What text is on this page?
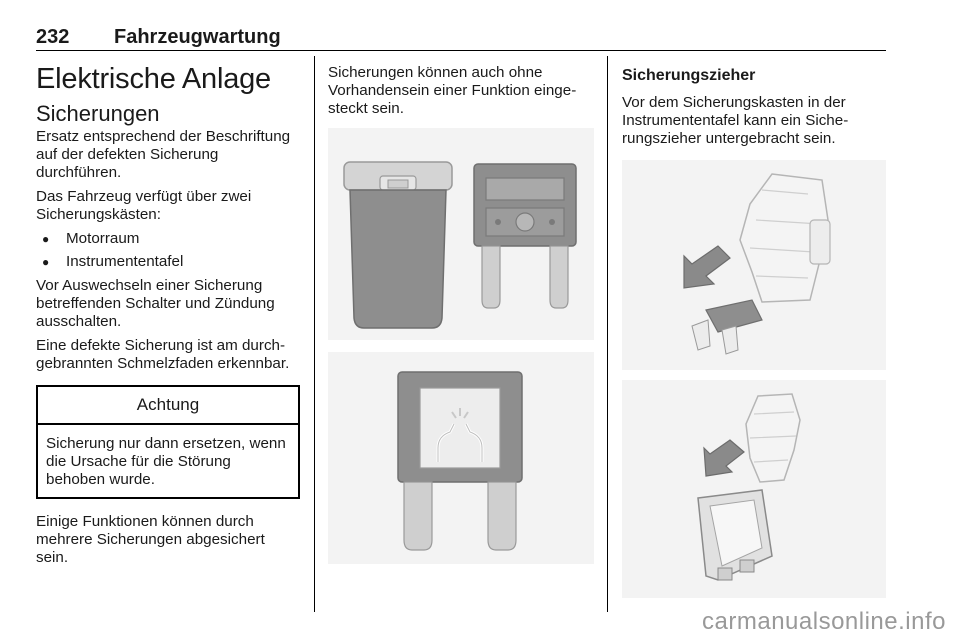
232 Fahrzeugwartung
Elektrische Anlage
Sicherungen

Ersatz entsprechend der Beschriftung auf der defekten Sicherung durchführen.

Das Fahrzeug verfügt über zwei Sicherungskästen:

● Motorraum
● Instrumententafel

Vor Auswechseln einer Sicherung betreffenden Schalter und Zündung ausschalten.

Eine defekte Sicherung ist am durchgebrannten Schmelzfaden erkennbar.

Achtung

Sicherung nur dann ersetzen, wenn die Ursache für die Störung behoben wurde.

Einige Funktionen können durch mehrere Sicherungen abgesichert sein.

Sicherungen können auch ohne Vorhandensein einer Funktion eingesteckt sein.

Sicherungszieher

Vor dem Sicherungskasten in der Instrumententafel kann ein Sicherungszieher untergebracht sein.

carmanualsonline.info
